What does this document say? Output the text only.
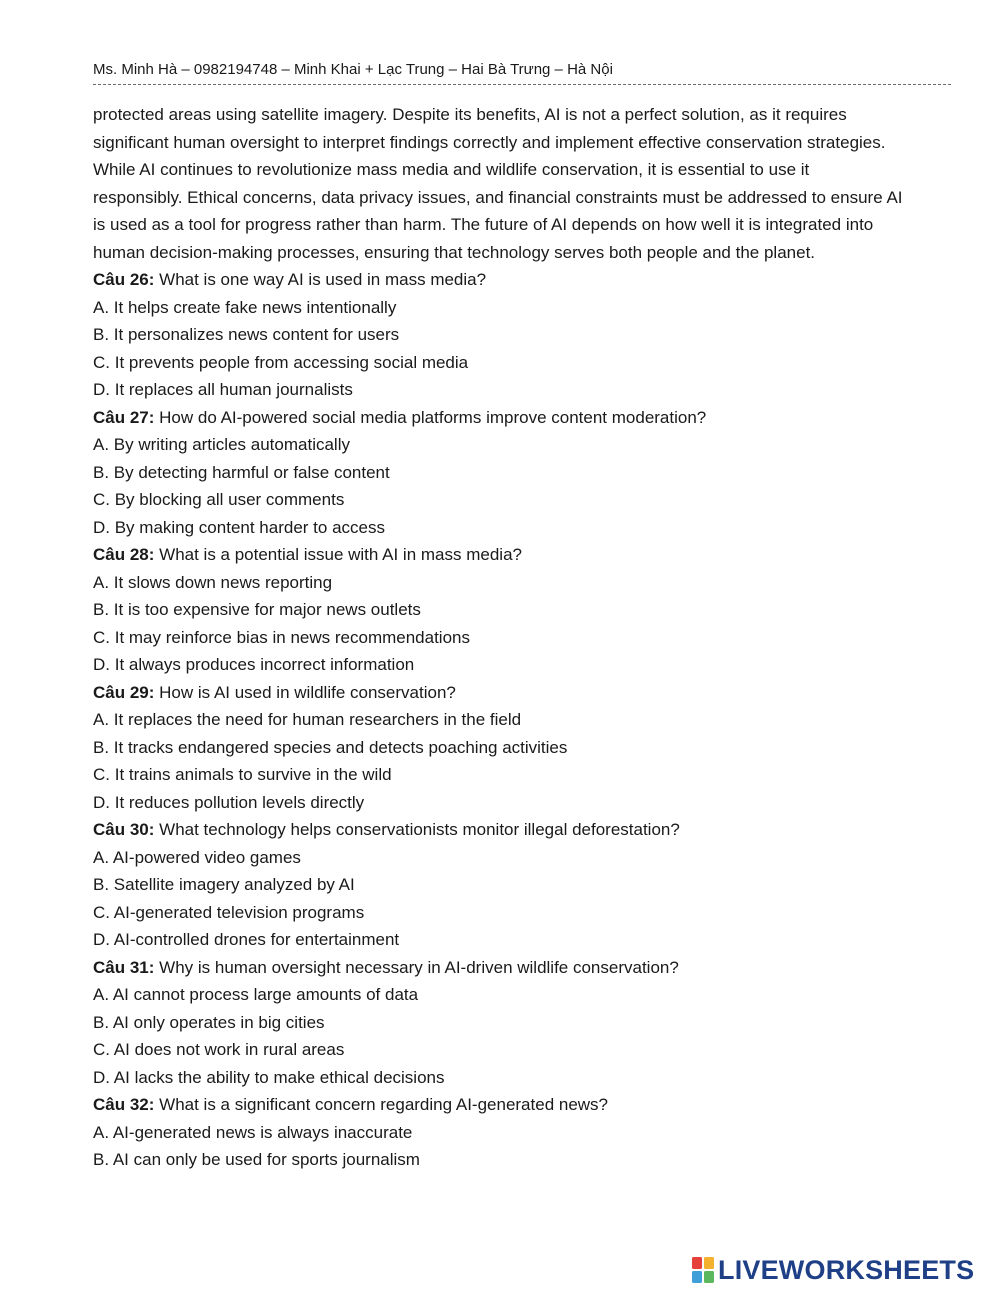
Ms. Minh Hà – 0982194748 – Minh Khai + Lạc Trung – Hai Bà Trưng – Hà Nội
protected areas using satellite imagery. Despite its benefits, AI is not a perfect solution, as it requires
significant human oversight to interpret findings correctly and implement effective conservation strategies.
While AI continues to revolutionize mass media and wildlife conservation, it is essential to use it
responsibly. Ethical concerns, data privacy issues, and financial constraints must be addressed to ensure AI
is used as a tool for progress rather than harm. The future of AI depends on how well it is integrated into
human decision-making processes, ensuring that technology serves both people and the planet.
Câu 26: What is one way AI is used in mass media?
A. It helps create fake news intentionally
B. It personalizes news content for users
C. It prevents people from accessing social media
D. It replaces all human journalists
Câu 27: How do AI-powered social media platforms improve content moderation?
A. By writing articles automatically
B. By detecting harmful or false content
C. By blocking all user comments
D. By making content harder to access
Câu 28: What is a potential issue with AI in mass media?
A. It slows down news reporting
B. It is too expensive for major news outlets
C. It may reinforce bias in news recommendations
D. It always produces incorrect information
Câu 29: How is AI used in wildlife conservation?
A. It replaces the need for human researchers in the field
B. It tracks endangered species and detects poaching activities
C. It trains animals to survive in the wild
D. It reduces pollution levels directly
Câu 30: What technology helps conservationists monitor illegal deforestation?
A. AI-powered video games
B. Satellite imagery analyzed by AI
C. AI-generated television programs
D. AI-controlled drones for entertainment
Câu 31: Why is human oversight necessary in AI-driven wildlife conservation?
A. AI cannot process large amounts of data
B. AI only operates in big cities
C. AI does not work in rural areas
D. AI lacks the ability to make ethical decisions
Câu 32: What is a significant concern regarding AI-generated news?
A. AI-generated news is always inaccurate
B. AI can only be used for sports journalism
LIVEWORKSHEETS
